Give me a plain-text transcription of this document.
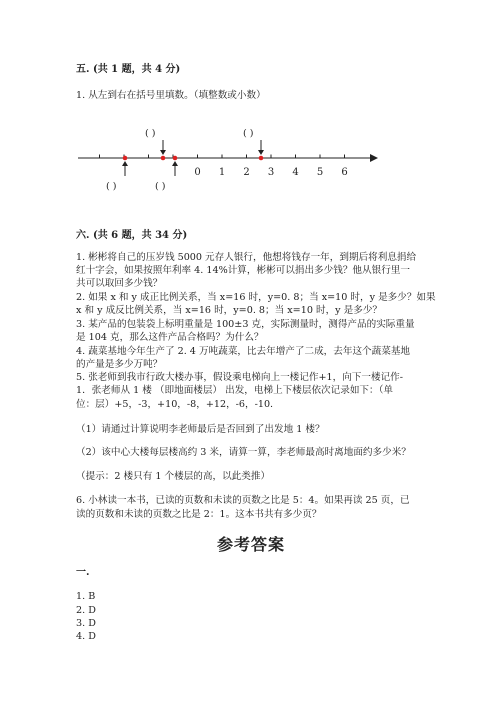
五. (共 1 题，共 4 分)
1. 从左到右在括号里填数。（填整数或小数）
0 1 2 3 4 5 6
( )	( )
( )	( )
六. (共 6 题，共 34 分)
1. 彬彬将自己的压岁钱 5000 元存人银行，他想将钱存一年，到期后将利息捐给
红十字会，如果按照年利率 4. 14%计算，彬彬可以捐出多少钱？他从银行里一
共可以取回多少钱？
2. 如果 x 和 y 成正比例关系，当 x=16 时，y=0. 8；当 x=10 时，y 是多少？如果
x 和 y 成反比例关系，当 x=16 时，y=0. 8；当 x=10 时，y 是多少？
3. 某产品的包装袋上标明重量是 100±3 克，实际测量时，测得产品的实际重量
是 104 克，那么这件产品合格吗？为什么？
4. 蔬菜基地今年生产了 2. 4 万吨蔬菜，比去年增产了二成，去年这个蔬菜基地
的产量是多少万吨？
5. 张老师到我市行政大楼办事，假设乘电梯向上一楼记作+1，向下一楼记作-
1．张老师从 1 楼 （即地面楼层） 出发，电梯上下楼层依次记录如下：（单
位：层）+5，-3，+10，-8，+12，-6，-10.
（1）请通过计算说明李老师最后是否回到了出发地 1 楼？
（2）该中心大楼每层楼高约 3 米，请算一算，李老师最高时离地面约多少米？
（提示：2 楼只有 1 个楼层的高，以此类推）
6. 小林读一本书，已读的页数和未读的页数之比是 5：4。如果再读 25 页，已
读的页数和未读的页数之比是 2：1。这本书共有多少页？
参考答案
一.
1. B
2. D
3. D
4. D
